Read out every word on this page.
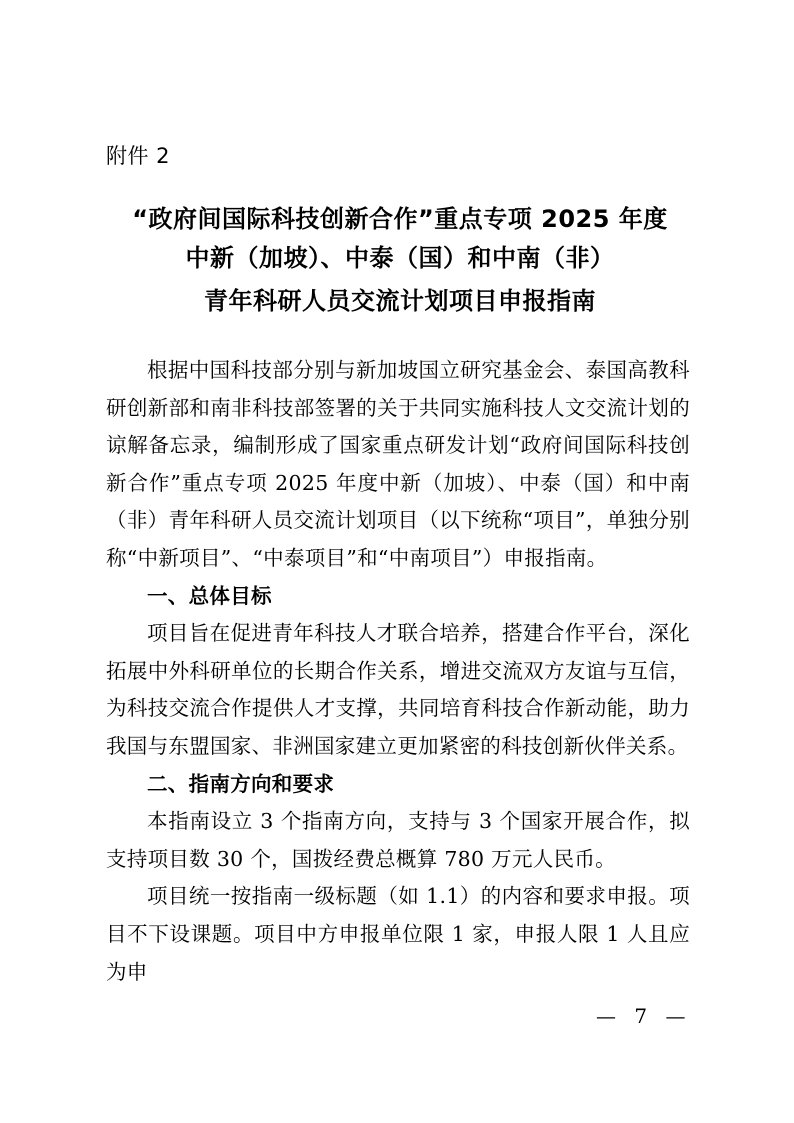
附件 2
“政府间国际科技创新合作”重点专项 2025 年度
中新（加坡）、中泰（国）和中南（非）
青年科研人员交流计划项目申报指南

根据中国科技部分别与新加坡国立研究基金会、泰国高教科研创新部和南非科技部签署的关于共同实施科技人文交流计划的谅解备忘录，编制形成了国家重点研发计划“政府间国际科技创新合作”重点专项 2025 年度中新（加坡）、中泰（国）和中南（非）青年科研人员交流计划项目（以下统称“项目”，单独分别称“中新项目”、“中泰项目”和“中南项目”）申报指南。

一、总体目标

项目旨在促进青年科技人才联合培养，搭建合作平台，深化拓展中外科研单位的长期合作关系，增进交流双方友谊与互信，为科技交流合作提供人才支撑，共同培育科技合作新动能，助力我国与东盟国家、非洲国家建立更加紧密的科技创新伙伴关系。

二、指南方向和要求

本指南设立 3 个指南方向，支持与 3 个国家开展合作，拟支持项目数 30 个，国拨经费总概算 780 万元人民币。

项目统一按指南一级标题（如 1.1）的内容和要求申报。项目不下设课题。项目中方申报单位限 1 家，申报人限 1 人且应为申

— 7 —
